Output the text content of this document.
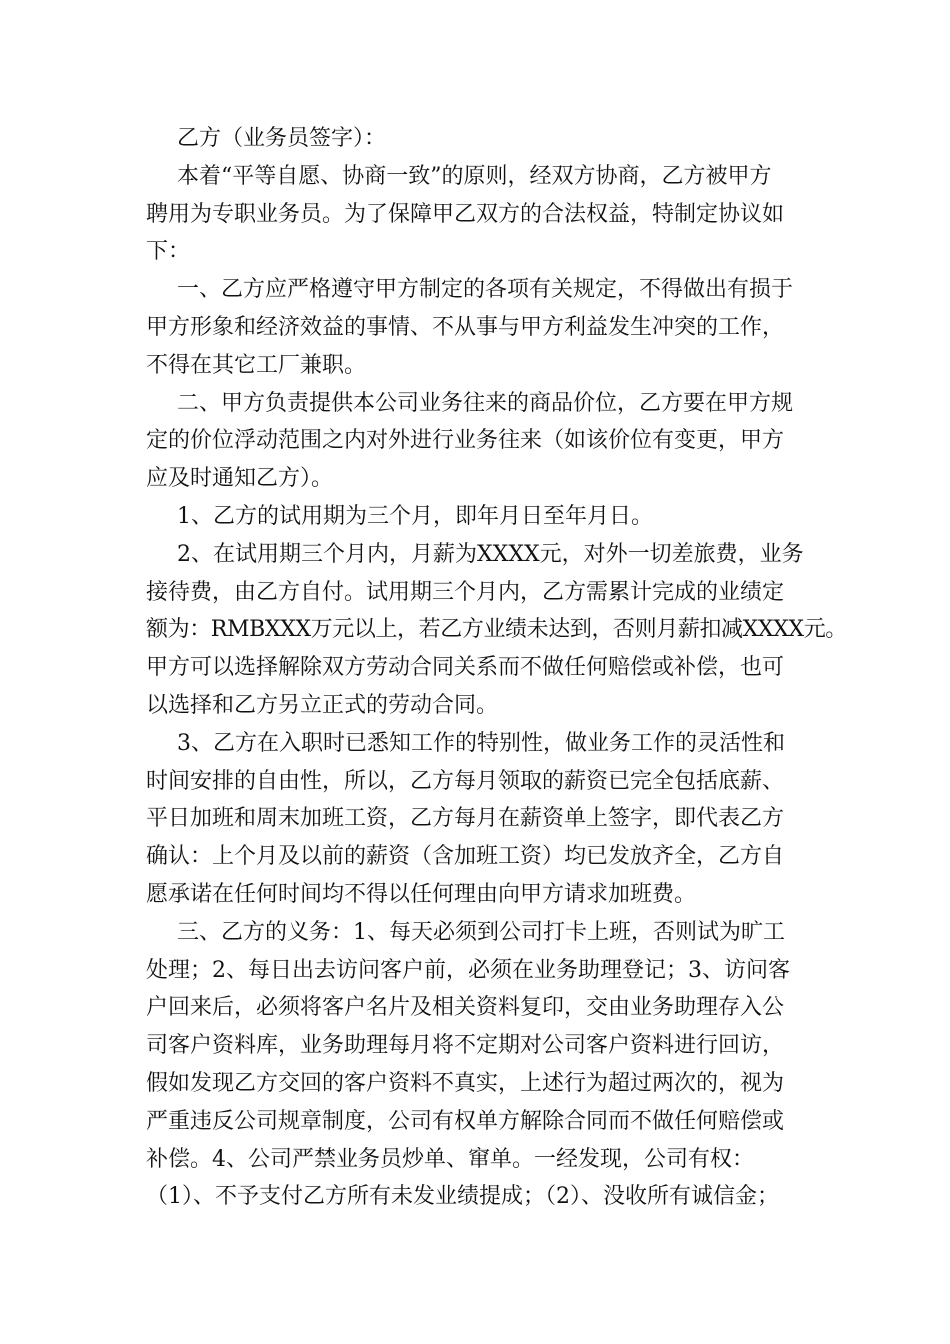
乙方（业务员签字）：
本着“平等自愿、协商一致”的原则，经双方协商，乙方被甲方
聘用为专职业务员。为了保障甲乙双方的合法权益，特制定协议如
下：
一、乙方应严格遵守甲方制定的各项有关规定，不得做出有损于
甲方形象和经济效益的事情、不从事与甲方利益发生冲突的工作，
不得在其它工厂兼职。
二、甲方负责提供本公司业务往来的商品价位，乙方要在甲方规
定的价位浮动范围之内对外进行业务往来（如该价位有变更，甲方
应及时通知乙方）。
1、乙方的试用期为三个月，即年月日至年月日。
2、在试用期三个月内，月薪为XXXX元，对外一切差旅费，业务
接待费，由乙方自付。试用期三个月内，乙方需累计完成的业绩定
额为：RMBXXX万元以上，若乙方业绩未达到，否则月薪扣减XXXX元。
甲方可以选择解除双方劳动合同关系而不做任何赔偿或补偿，也可
以选择和乙方另立正式的劳动合同。
3、乙方在入职时已悉知工作的特别性，做业务工作的灵活性和
时间安排的自由性，所以，乙方每月领取的薪资已完全包括底薪、
平日加班和周末加班工资，乙方每月在薪资单上签字，即代表乙方
确认：上个月及以前的薪资（含加班工资）均已发放齐全，乙方自
愿承诺在任何时间均不得以任何理由向甲方请求加班费。
三、乙方的义务：1、每天必须到公司打卡上班，否则试为旷工
处理；2、每日出去访问客户前，必须在业务助理登记；3、访问客
户回来后，必须将客户名片及相关资料复印，交由业务助理存入公
司客户资料库，业务助理每月将不定期对公司客户资料进行回访，
假如发现乙方交回的客户资料不真实，上述行为超过两次的，视为
严重违反公司规章制度，公司有权单方解除合同而不做任何赔偿或
补偿。4、公司严禁业务员炒单、窜单。一经发现，公司有权：
（1）、不予支付乙方所有未发业绩提成；（2）、没收所有诚信金；
